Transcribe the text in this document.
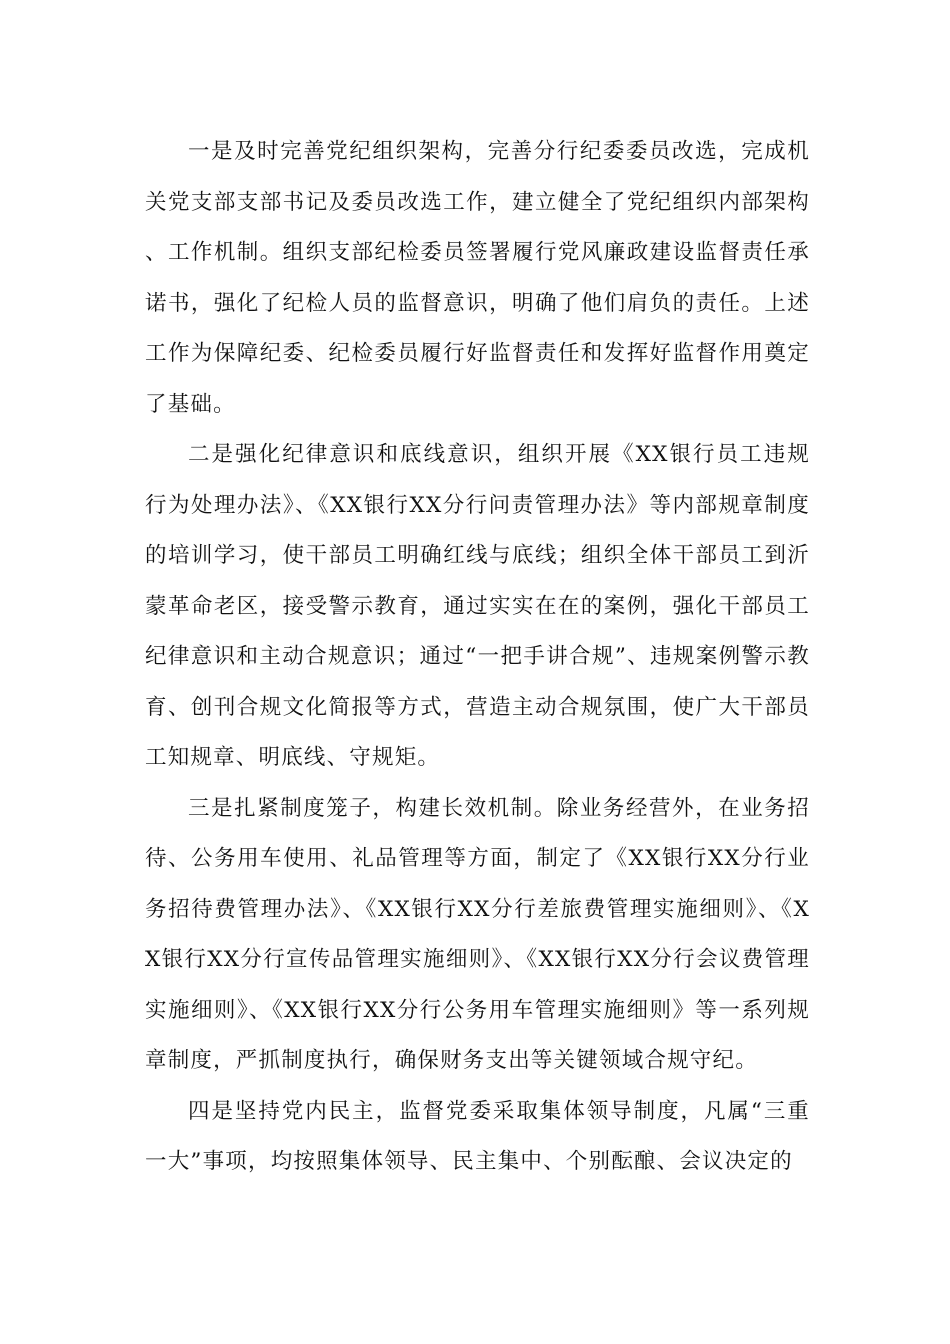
一是及时完善党纪组织架构，完善分行纪委委员改选，完成机关党支部支部书记及委员改选工作，建立健全了党纪组织内部架构、工作机制。组织支部纪检委员签署履行党风廉政建设监督责任承诺书，强化了纪检人员的监督意识，明确了他们肩负的责任。上述工作为保障纪委、纪检委员履行好监督责任和发挥好监督作用奠定了基础。

二是强化纪律意识和底线意识，组织开展《XX银行员工违规行为处理办法》、《XX银行XX分行问责管理办法》等内部规章制度的培训学习，使干部员工明确红线与底线；组织全体干部员工到沂蒙革命老区，接受警示教育，通过实实在在的案例，强化干部员工纪律意识和主动合规意识；通过“一把手讲合规”、违规案例警示教育、创刊合规文化简报等方式，营造主动合规氛围，使广大干部员工知规章、明底线、守规矩。

三是扎紧制度笼子，构建长效机制。除业务经营外，在业务招待、公务用车使用、礼品管理等方面，制定了《XX银行XX分行业务招待费管理办法》、《XX银行XX分行差旅费管理实施细则》、《XX银行XX分行宣传品管理实施细则》、《XX银行XX分行会议费管理实施细则》、《XX银行XX分行公务用车管理实施细则》等一系列规章制度，严抓制度执行，确保财务支出等关键领域合规守纪。

四是坚持党内民主，监督党委采取集体领导制度，凡属“三重一大”事项，均按照集体领导、民主集中、个别酝酿、会议决定的
